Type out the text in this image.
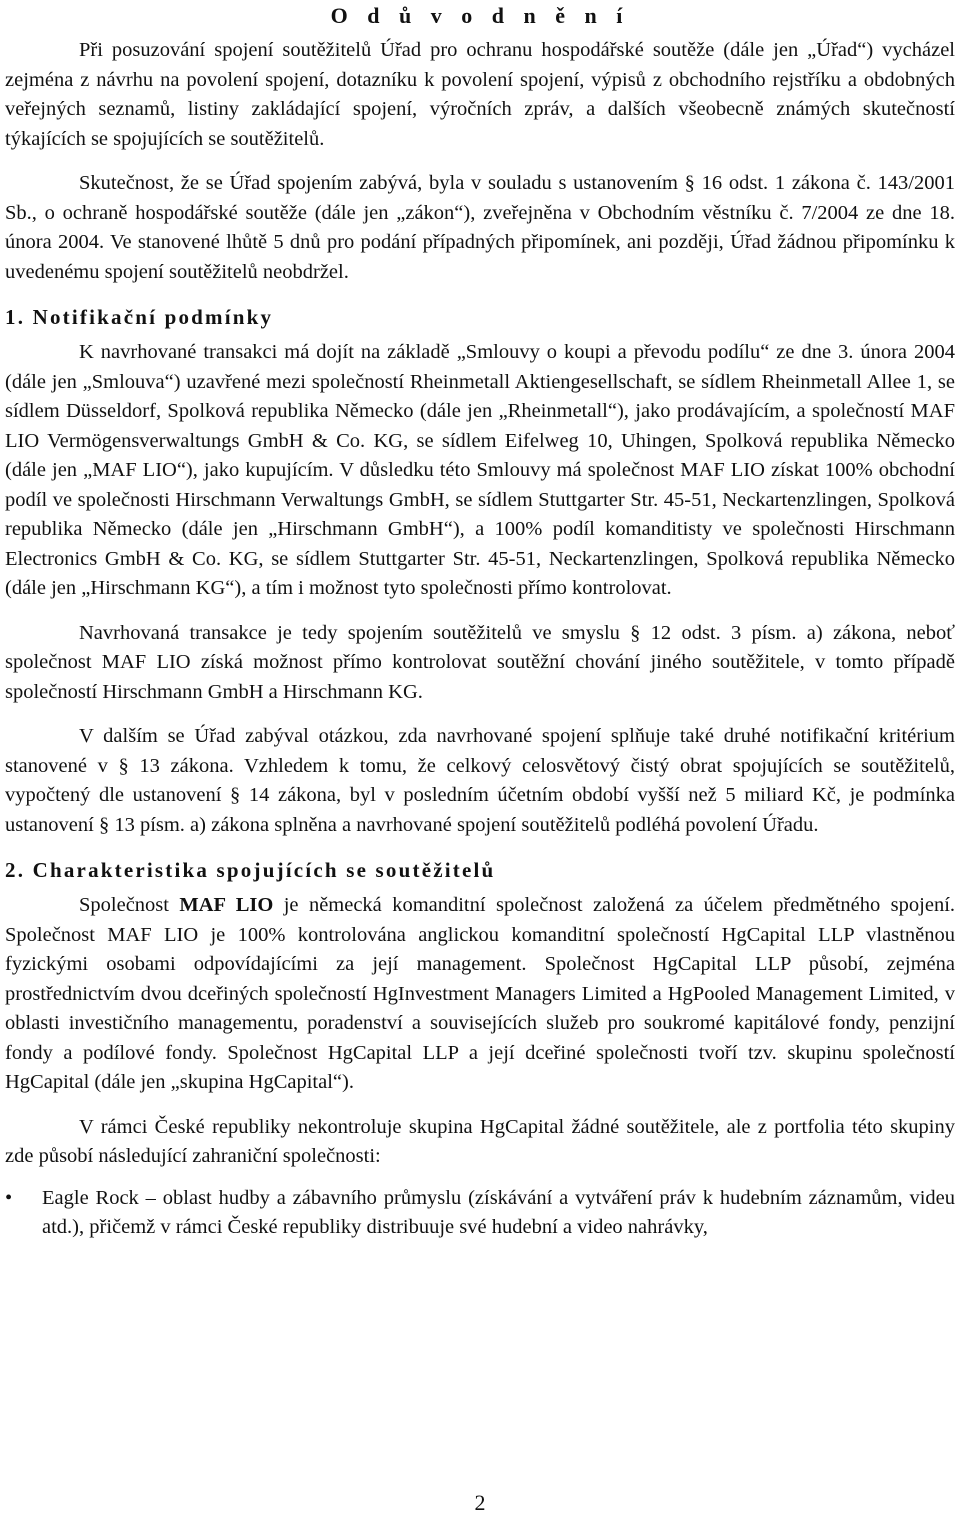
O d ů v o d n ě n í

Při posuzování spojení soutěžitelů Úřad pro ochranu hospodářské soutěže (dále jen „Úřad“) vycházel zejména z návrhu na povolení spojení, dotazníku k povolení spojení, výpisů z obchodního rejstříku a obdobných veřejných seznamů, listiny zakládající spojení, výročních zpráv, a dalších všeobecně známých skutečností týkajících se spojujících se soutěžitelů.

Skutečnost, že se Úřad spojením zabývá, byla v souladu s ustanovením § 16 odst. 1 zákona č. 143/2001 Sb., o ochraně hospodářské soutěže (dále jen „zákon“), zveřejněna v Obchodním věstníku č. 7/2004 ze dne 18. února 2004. Ve stanovené lhůtě 5 dnů pro podání případných připomínek, ani později, Úřad žádnou připomínku k uvedenému spojení soutěžitelů neobdržel.

1. Notifikační podmínky

K navrhované transakci má dojít na základě „Smlouvy o koupi a převodu podílu“ ze dne 3. února 2004 (dále jen „Smlouva“) uzavřené mezi společností Rheinmetall Aktiengesellschaft, se sídlem Rheinmetall Allee 1, se sídlem Düsseldorf, Spolková republika Německo (dále jen „Rheinmetall“), jako prodávajícím, a společností MAF LIO Vermögensverwaltungs GmbH & Co. KG, se sídlem Eifelweg 10, Uhingen, Spolková republika Německo (dále jen „MAF LIO“), jako kupujícím. V důsledku této Smlouvy má společnost MAF LIO získat 100% obchodní podíl ve společnosti Hirschmann Verwaltungs GmbH, se sídlem Stuttgarter Str. 45-51, Neckartenzlingen, Spolková republika Německo (dále jen „Hirschmann GmbH“), a 100% podíl komanditisty ve společnosti Hirschmann Electronics GmbH & Co. KG, se sídlem Stuttgarter Str. 45-51, Neckartenzlingen, Spolková republika Německo (dále jen „Hirschmann KG“), a tím i možnost tyto společnosti přímo kontrolovat.

Navrhovaná transakce je tedy spojením soutěžitelů ve smyslu § 12 odst. 3 písm. a) zákona, neboť společnost MAF LIO získá možnost přímo kontrolovat soutěžní chování jiného soutěžitele, v tomto případě společností Hirschmann GmbH a Hirschmann KG.

V dalším se Úřad zabýval otázkou, zda navrhované spojení splňuje také druhé notifikační kritérium stanovené v § 13 zákona. Vzhledem k tomu, že celkový celosvětový čistý obrat spojujících se soutěžitelů, vypočtený dle ustanovení § 14 zákona, byl v posledním účetním období vyšší než 5 miliard Kč, je podmínka ustanovení § 13 písm. a) zákona splněna a navrhované spojení soutěžitelů podléhá povolení Úřadu.

2. Charakteristika spojujících se soutěžitelů

Společnost MAF LIO je německá komanditní společnost založená za účelem předmětného spojení. Společnost MAF LIO je 100% kontrolována anglickou komanditní společností HgCapital LLP vlastněnou fyzickými osobami odpovídajícími za její management. Společnost HgCapital LLP působí, zejména prostřednictvím dvou dceřiných společností HgInvestment Managers Limited a HgPooled Management Limited, v oblasti investičního managementu, poradenství a souvisejících služeb pro soukromé kapitálové fondy, penzijní fondy a podílové fondy. Společnost HgCapital LLP a její dceřiné společnosti tvoří tzv. skupinu společností HgCapital (dále jen „skupina HgCapital“).

V rámci České republiky nekontroluje skupina HgCapital žádné soutěžitele, ale z portfolia této skupiny zde působí následující zahraniční společnosti:

• Eagle Rock – oblast hudby a zábavního průmyslu (získávání a vytváření práv k hudebním záznamům, videu atd.), přičemž v rámci České republiky distribuuje své hudební a video nahrávky,
2
